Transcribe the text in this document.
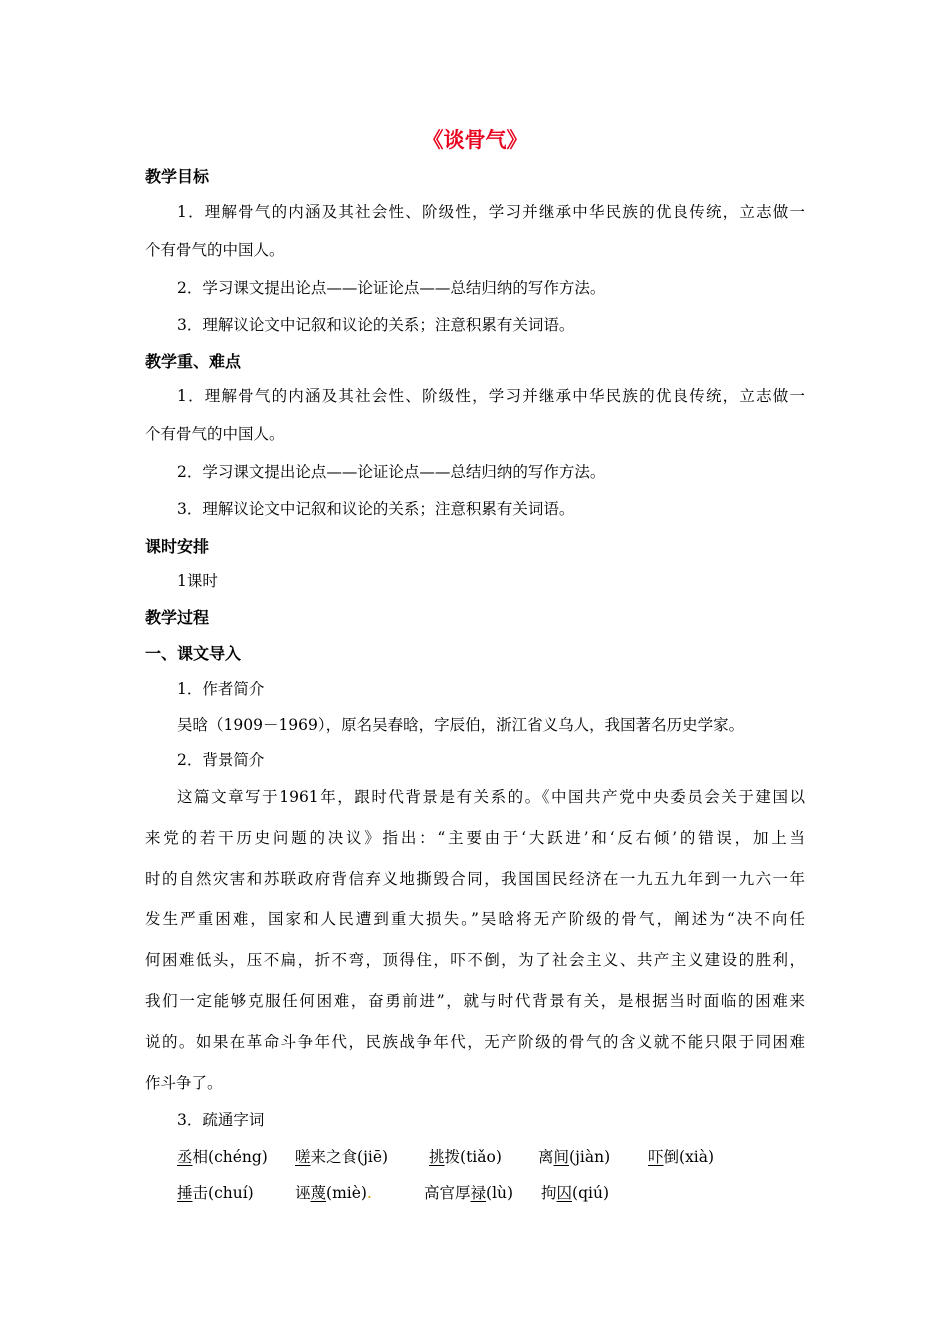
《谈骨气》
教学目标
1．理解骨气的内涵及其社会性、阶级性，学习并继承中华民族的优良传统，立志做一
个有骨气的中国人。
2．学习课文提出论点——论证论点——总结归纳的写作方法。
3．理解议论文中记叙和议论的关系；注意积累有关词语。
教学重、难点
1．理解骨气的内涵及其社会性、阶级性，学习并继承中华民族的优良传统，立志做一
个有骨气的中国人。
2．学习课文提出论点——论证论点——总结归纳的写作方法。
3．理解议论文中记叙和议论的关系；注意积累有关词语。
课时安排
1课时
教学过程
一、课文导入
1．作者简介
吴晗（1909－1969），原名吴春晗，字辰伯，浙江省义乌人，我国著名历史学家。
2．背景简介
这篇文章写于1961年，跟时代背景是有关系的。《中国共产党中央委员会关于建国以
来党的若干历史问题的决议》指出：“主要由于‘大跃进’和‘反右倾’的错误，加上当
时的自然灾害和苏联政府背信弃义地撕毁合同，我国国民经济在一九五九年到一九六一年
发生严重困难，国家和人民遭到重大损失。”吴晗将无产阶级的骨气，阐述为“决不向任
何困难低头，压不扁，折不弯，顶得住，吓不倒，为了社会主义、共产主义建设的胜利，
我们一定能够克服任何困难，奋勇前进”，就与时代背景有关，是根据当时面临的困难来
说的。如果在革命斗争年代，民族战争年代，无产阶级的骨气的含义就不能只限于同困难
作斗争了。
3．疏通字词
丞相(chéng) 嗟来之食(jiē)	挑拨(tiǎo) 离间(jiàn) 吓倒(xià)
捶击(chuí)	诬蔑(miè).	高官厚禄(lù) 拘囚(qiú)
